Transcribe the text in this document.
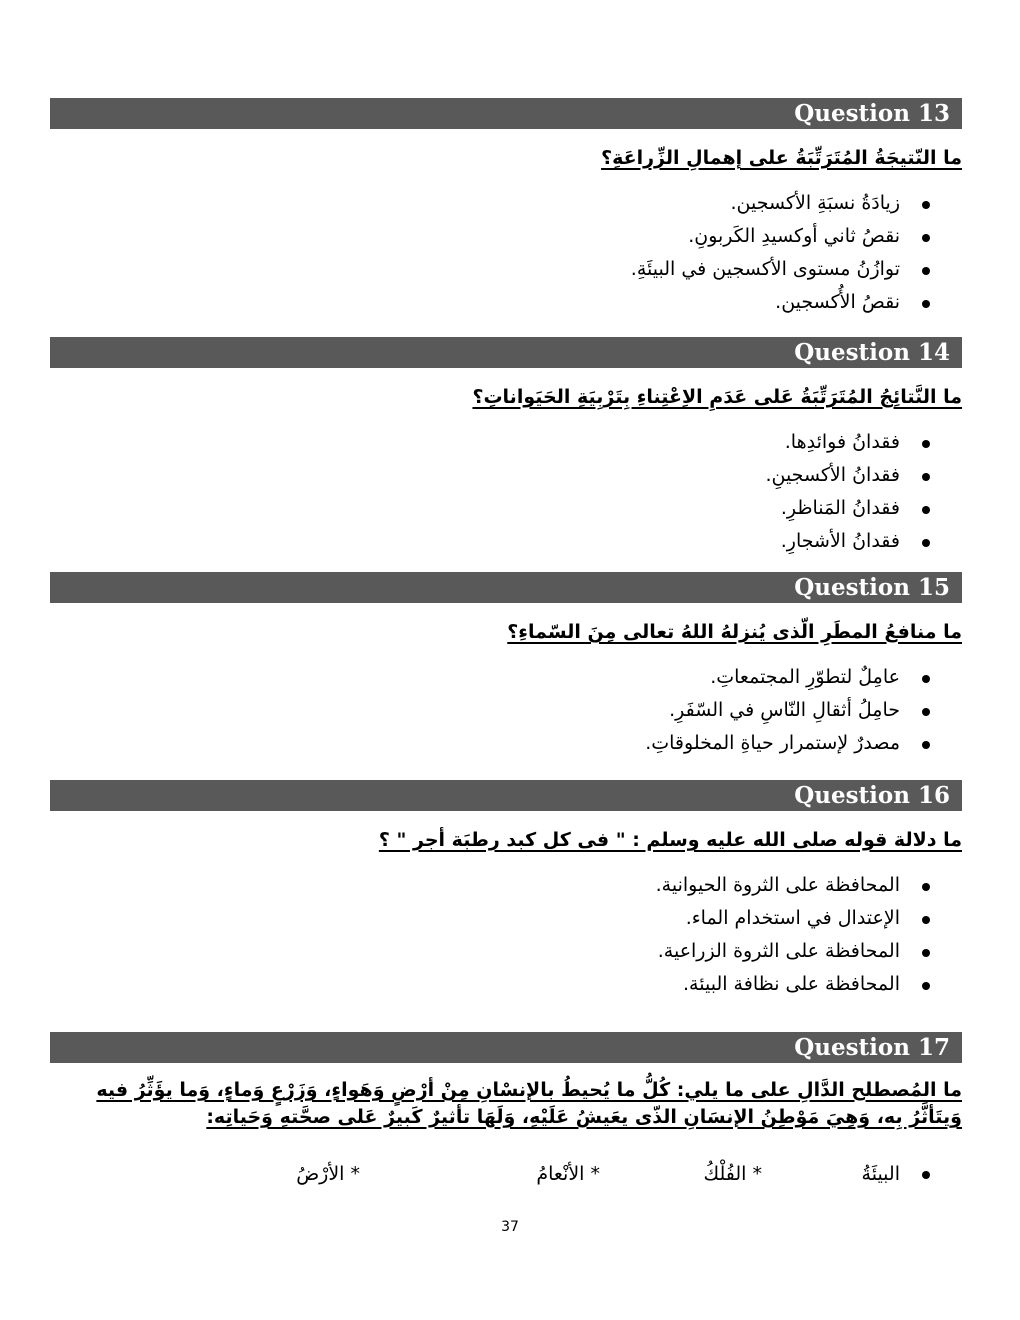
Question 13
ما النّتيجَةُ المُتَرَتِّبَةُ على إهمالِ الزِّراعَةِ؟
زيادَةُ نسبَةِ الأكسجين.
نقصُ ثاني أوكسيدِ الكَربونِ.
توازُنُ مستوى الأكسجين في البيئَةِ.
نقصُ الأُكسجين.
Question 14
ما النَّتائِجُ المُتَرَتِّبَةُ عَلى عَدَمِ الاِعْتِناءِ بِتَرْبِيَةِ الحَيَواناتِ؟
فقدانُ فوائدِها.
فقدانُ الأكسجينِ.
فقدانُ المَناظرِ.
فقدانُ الأشجارِ.
Question 15
ما منافعُ المطَرِ الّذى يُنزلهُ اللهُ تعالى مِنَ السّماءِ؟
عامِلٌ لتطوّرِ المجتمعاتِ.
حامِلُ أثقالِ النّاسِ في السّفَرِ.
مصدرٌ لإستمرار حياةِ المخلوقاتِ.
Question 16
ما دلالة قوله صلى الله عليه وسلم : " فى كل كبد رطبَة أجر " ؟
المحافظة على الثروة الحيوانية.
الإعتدال في استخدام الماء.
المحافظة على الثروة الزراعية.
المحافظة على نظافة البيئة.
Question 17
ما المُصطلح الدَّالِ على ما يلي: كُلُّ ما يُحيطُ بالإنسْانِ مِنْ أرْضٍ وَهَواءٍ، وَزَرْعٍ وَماءٍ، وَما يؤَثِّرُ فيه وَيتَأثَّرُ بِه، وَهِيَ مَوْطِنُ الإنسَانِ الذّى يعَيشُ عَلَيْهِ، وَلَهَا تأثيرٌ كَبيرٌ عَلى صحَّتهِ وَحَياتِه:
البيئَةُ
* الفُلْكُ
* الأنْعامُ
* الأرْضُ
37
